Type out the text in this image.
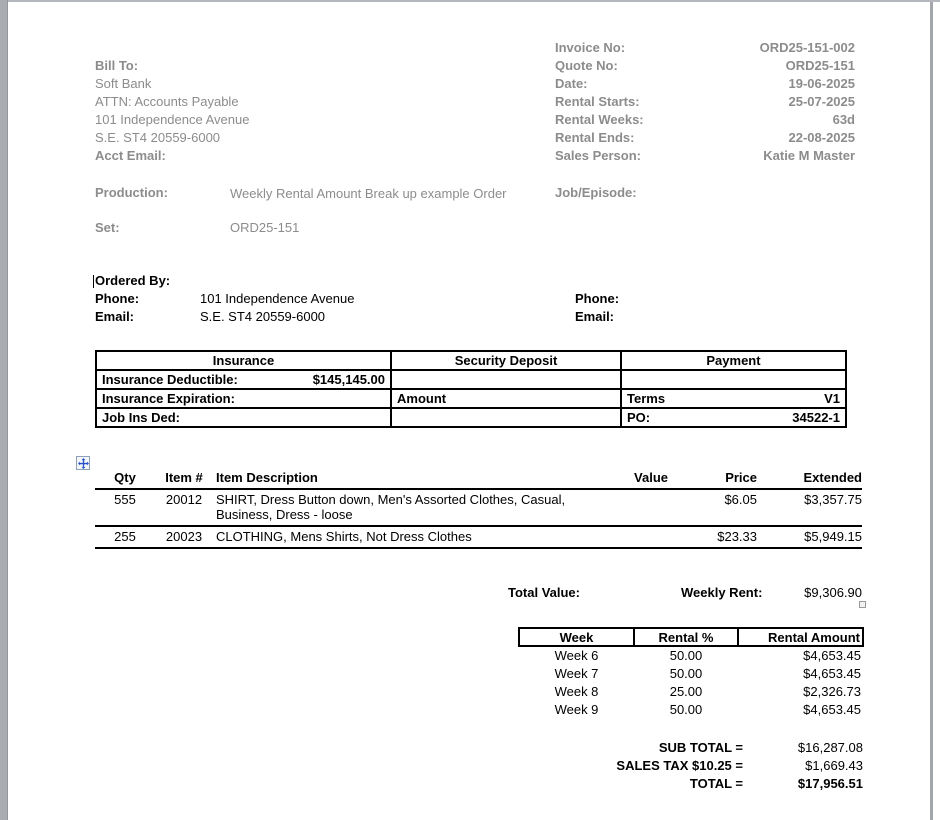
Bill To:
Soft Bank
ATTN: Accounts Payable
101 Independence Avenue
S.E. ST4 20559-6000
Acct Email:
Invoice No:	ORD25-151-002
Quote No:	ORD25-151
Date:	19-06-2025
Rental Starts:	25-07-2025
Rental Weeks:	63d
Rental Ends:	22-08-2025
Sales Person:	Katie M Master
Production:	Weekly Rental Amount Break up example Order	Job/Episode:
Set:	ORD25-151
Ordered By:
Phone:	101 Independence Avenue	Phone:
Email:	S.E. ST4 20559-6000	Email:
Insurance	Security Deposit	Payment

Insurance Deductible: $145,145.00		

Insurance Expiration:	Amount	Terms V1

Job Ins Ded:		PO: 34522-1
Qty	Item #	Item Description	Value	Price	Extended
555	20012	SHIRT, Dress Button down, Men's Assorted Clothes, Casual, Business, Dress - loose		$6.05	$3,357.75
255	20023	CLOTHING, Mens Shirts, Not Dress Clothes		$23.33	$5,949.15
Total Value:	Weekly Rent:	$9,306.90
Week	Rental %	Rental Amount
Week 6	50.00	$4,653.45
Week 7	50.00	$4,653.45
Week 8	25.00	$2,326.73
Week 9	50.00	$4,653.45
SUB TOTAL =	$16,287.08
SALES TAX $10.25 =	$1,669.43
TOTAL =	$17,956.51
